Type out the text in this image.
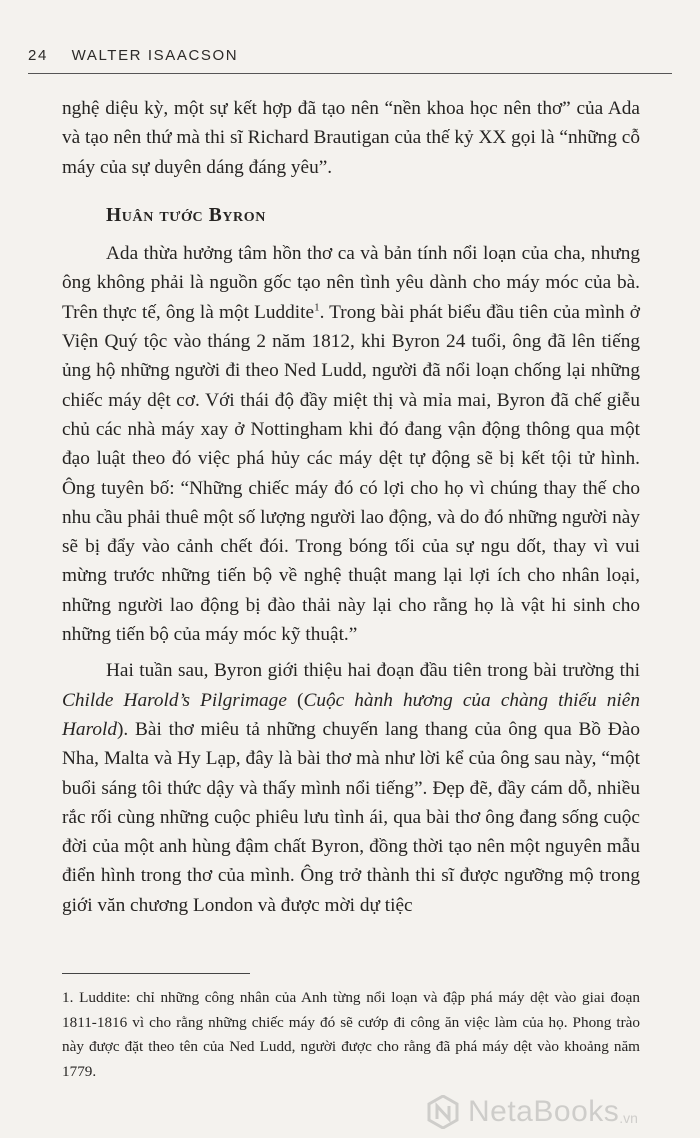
24 WALTER ISAACSON

nghệ diệu kỳ, một sự kết hợp đã tạo nên “nền khoa học nên thơ” của Ada và tạo nên thứ mà thi sĩ Richard Brautigan của thế kỷ XX gọi là “những cỗ máy của sự duyên dáng đáng yêu”.

Huân tước Byron

Ada thừa hưởng tâm hồn thơ ca và bản tính nổi loạn của cha, nhưng ông không phải là nguồn gốc tạo nên tình yêu dành cho máy móc của bà. Trên thực tế, ông là một Luddite$^1$. Trong bài phát biểu đầu tiên của mình ở Viện Quý tộc vào tháng 2 năm 1812, khi Byron 24 tuổi, ông đã lên tiếng ủng hộ những người đi theo Ned Ludd, người đã nổi loạn chống lại những chiếc máy dệt cơ. Với thái độ đầy miệt thị và mỉa mai, Byron đã chế giễu chủ các nhà máy xay ở Nottingham khi đó đang vận động thông qua một đạo luật theo đó việc phá hủy các máy dệt tự động sẽ bị kết tội tử hình. Ông tuyên bố: “Những chiếc máy đó có lợi cho họ vì chúng thay thế cho nhu cầu phải thuê một số lượng người lao động, và do đó những người này sẽ bị đẩy vào cảnh chết đói. Trong bóng tối của sự ngu dốt, thay vì vui mừng trước những tiến bộ về nghệ thuật mang lại lợi ích cho nhân loại, những người lao động bị đào thải này lại cho rằng họ là vật hi sinh cho những tiến bộ của máy móc kỹ thuật.”

Hai tuần sau, Byron giới thiệu hai đoạn đầu tiên trong bài trường thi Childe Harold’s Pilgrimage (Cuộc hành hương của chàng thiếu niên Harold). Bài thơ miêu tả những chuyến lang thang của ông qua Bồ Đào Nha, Malta và Hy Lạp, đây là bài thơ mà như lời kể của ông sau này, “một buổi sáng tôi thức dậy và thấy mình nổi tiếng”. Đẹp đẽ, đầy cám dỗ, nhiều rắc rối cùng những cuộc phiêu lưu tình ái, qua bài thơ ông đang sống cuộc đời của một anh hùng đậm chất Byron, đồng thời tạo nên một nguyên mẫu điển hình trong thơ của mình. Ông trở thành thi sĩ được ngưỡng mộ trong giới văn chương London và được mời dự tiệc

1. Luddite: chỉ những công nhân của Anh từng nổi loạn và đập phá máy dệt vào giai đoạn 1811-1816 vì cho rằng những chiếc máy đó sẽ cướp đi công ăn việc làm của họ. Phong trào này được đặt theo tên của Ned Ludd, người được cho rằng đã phá máy dệt vào khoảng năm 1779.

NetaBooks .vn
